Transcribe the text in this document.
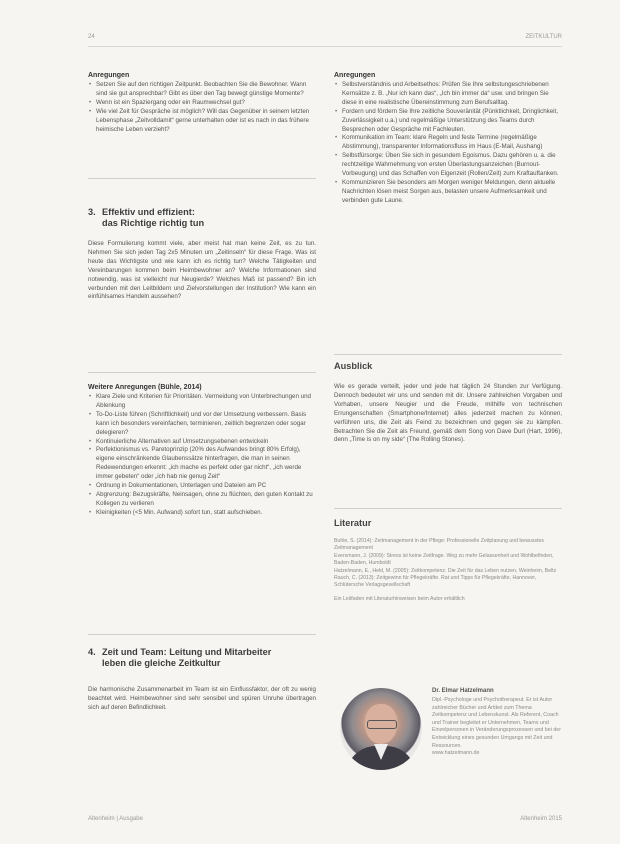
24	ZEITKULTUR
Anregungen
• Setzen Sie auf den richtigen Zeitpunkt. Beobachten Sie die Bewohner. Wann sind sie gut ansprechbar? Gibt es über den Tag bewegt günstige Momente?
• Wenn ist ein Spaziergang oder ein Raumwechsel gut?
• Wie viel Zeit für Gespräche ist möglich? Will das Gegenüber in seinem letzten Lebensphase „Zeitvolldamit“ gerne unterhalten oder ist es nach in das frühere heimische Leben verzieht?
3. Effektiv und effizient:
das Richtige richtig tun

Diese Formulierung kommt viele, aber meist hat man keine Zeit, es zu tun. Nehmen Sie sich jeden Tag 2x5 Minuten um „Zeitinseln“ für diese Frage. Was ist heute das Wichtigste und wie kann ich es richtig tun? Welche Tätigkeiten und Vereinbarungen kommen beim Heimbewohner an? Welche Informationen sind notwendig, was ist vielleicht nur Neugierde? Welches Maß ist passend? Bin ich verbunden mit den Leitbildern und Zielvorstellungen der Institution? Wie kann ein einfühlsames Handeln aussehen?

Weitere Anregungen (Bühle, 2014)
• Klare Ziele und Kriterien für Prioritäten. Vermeidung von Unterbrechungen und Ablenkung
• To-Do-Liste führen (Schriftlichkeit) und vor der Umsetzung verbessern. Basis kann ich besonders vereinfachen, terminieren, zeitlich begrenzen oder sogar delegieren?
• Kontinuierliche Alternativen auf Umsetzungsebenen entwickeln
• Perfektionismus vs. Paretoprinzip (20% des Aufwandes bringt 80% Erfolg), eigene einschränkende Glaubenssätze hinterfragen, die man in seinen Redewendungen erkennt: „ich mache es perfekt oder gar nicht“, „ich werde immer gebeten“ oder „ich hab nie genug Zeit“
• Ordnung in Dokumentationen, Unterlagen und Dateien am PC
• Abgrenzung: Bezugskräfte, Neinsagen, ohne zu flüchten, den guten Kontakt zu Kollegen zu verlieren
• Kleinigkeiten (<5 Min. Aufwand) sofort tun, statt aufschieben.
4. Zeit und Team: Leitung und Mitarbeiter
leben die gleiche Zeitkultur

Die harmonische Zusammenarbeit im Team ist ein Einflussfaktor, der oft zu wenig beachtet wird. Heimbewohner sind sehr sensibel und spüren Unruhe übertragen sich auf deren Befindlichkeit.

Anregungen
• Selbstverständnis und Arbeitsethos: Prüfen Sie Ihre selbstungeschriebenen Kernsätze z. B. „Nur ich kann das“, „Ich bin immer da“ usw. und bringen Sie diese in eine realistische Übereinstimmung zum Berufsalltag.
• Fordern und fördern Sie Ihre zeitliche Souveränität (Pünktlichkeit, Dringlichkeit, Zuverlässigkeit u.a.) und regelmäßige Unterstützung des Teams durch Besprechen oder Gespräche mit Fachleuten.
• Kommunikation im Team: klare Regeln und feste Termine (regelmäßige Abstimmung), transparenter Informationsfluss im Haus (E-Mail, Aushang)
• Selbstfürsorge: Üben Sie sich in gesundem Egoismus. Dazu gehören u. a. die rechtzeitige Wahrnehmung von ersten Überlastungsanzeichen (Burnout-Vorbeugung) und das Schaffen von Eigenzeit (Rollen/Zeit) zum Kraftauftanken.
• Kommunizieren Sie besonders am Morgen weniger Meldungen, denn aktuelle Nachrichten lösen meist Sorgen aus, belasten unsere Aufmerksamkeit und verbinden gute Laune.
Ausblick

Wie es gerade verteilt, jeder und jede hat täglich 24 Stunden zur Verfügung. Dennoch bedeutet wir uns und senden mit dir. Unsere zahlreichen Vorgaben und Vorhaben, unsere Neugier und die Freude, mithilfe von technischen Errungenschaften (Smartphone/Internet) alles jederzeit machen zu können, verführen uns, die Zeit als Feind zu bezeichnen und gegen sie zu kämpfen. Betrachten Sie die Zeit als Freund, gemäß dem Song von Dave Durl (Hart, 1996), denn „Time is on my side“ (The Rolling Stones).

Literatur

Buhle, S. (2014): Zeitmanagement in der Pflege: Professionelle Zeitplanung und bewusstes Zeitmanagement

Eversmann, J. (2009): Stress ist keine Zeitfrage. Weg zu mehr Gelassenheit und Wohlbefinden, Baden-Baden, Humboldt

Hatzelmann, E., Held, M. (2005): Zeitkompetenz. Die Zeit für das Leben nutzen, Weinheim, Beltz

Rauch, C. (2013): Zeitgewinn für Pflegekräfte. Rat und Tipps für Pflegekräfte, Hannover, Schlütersche Verlagsgesellschaft

Ein Leitfaden mit Literaturhinweisen beim Autor erhältlich

Dr. Elmar Hatzelmann
Dipl.-Psychologe und Psychotherapeut. Er ist Autor zahlreicher Bücher und Artikel zum Thema Zeitkompetenz und Lebenskunst. Als Referent, Coach und Trainer begleitet er Unternehmen, Teams und Einzelpersonen in Veränderungsprozessen und bei der Entwicklung eines gesunden Umgangs mit Zeit und Ressourcen.
www.hatzelmann.de
Altenheim | Ausgabe	Altenheim 2015
